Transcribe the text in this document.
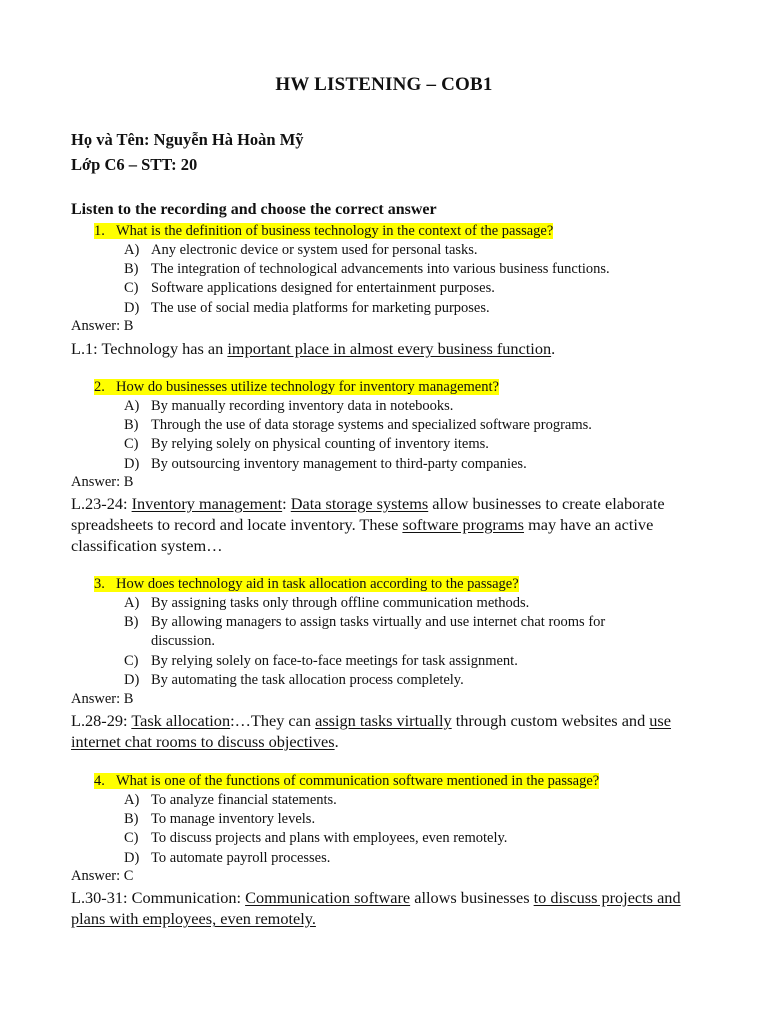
HW LISTENING – COB1
Họ và Tên: Nguyễn Hà Hoàn Mỹ
Lớp C6 – STT: 20
Listen to the recording and choose the correct answer
1. What is the definition of business technology in the context of the passage?
A) Any electronic device or system used for personal tasks.
B) The integration of technological advancements into various business functions.
C) Software applications designed for entertainment purposes.
D) The use of social media platforms for marketing purposes.
Answer: B
L.1: Technology has an important place in almost every business function.
2. How do businesses utilize technology for inventory management?
A) By manually recording inventory data in notebooks.
B) Through the use of data storage systems and specialized software programs.
C) By relying solely on physical counting of inventory items.
D) By outsourcing inventory management to third-party companies.
Answer: B
L.23-24: Inventory management: Data storage systems allow businesses to create elaborate spreadsheets to record and locate inventory. These software programs may have an active classification system…
3. How does technology aid in task allocation according to the passage?
A) By assigning tasks only through offline communication methods.
B) By allowing managers to assign tasks virtually and use internet chat rooms for discussion.
C) By relying solely on face-to-face meetings for task assignment.
D) By automating the task allocation process completely.
Answer: B
L.28-29: Task allocation:…They can assign tasks virtually through custom websites and use internet chat rooms to discuss objectives.
4. What is one of the functions of communication software mentioned in the passage?
A) To analyze financial statements.
B) To manage inventory levels.
C) To discuss projects and plans with employees, even remotely.
D) To automate payroll processes.
Answer: C
L.30-31: Communication: Communication software allows businesses to discuss projects and plans with employees, even remotely.
